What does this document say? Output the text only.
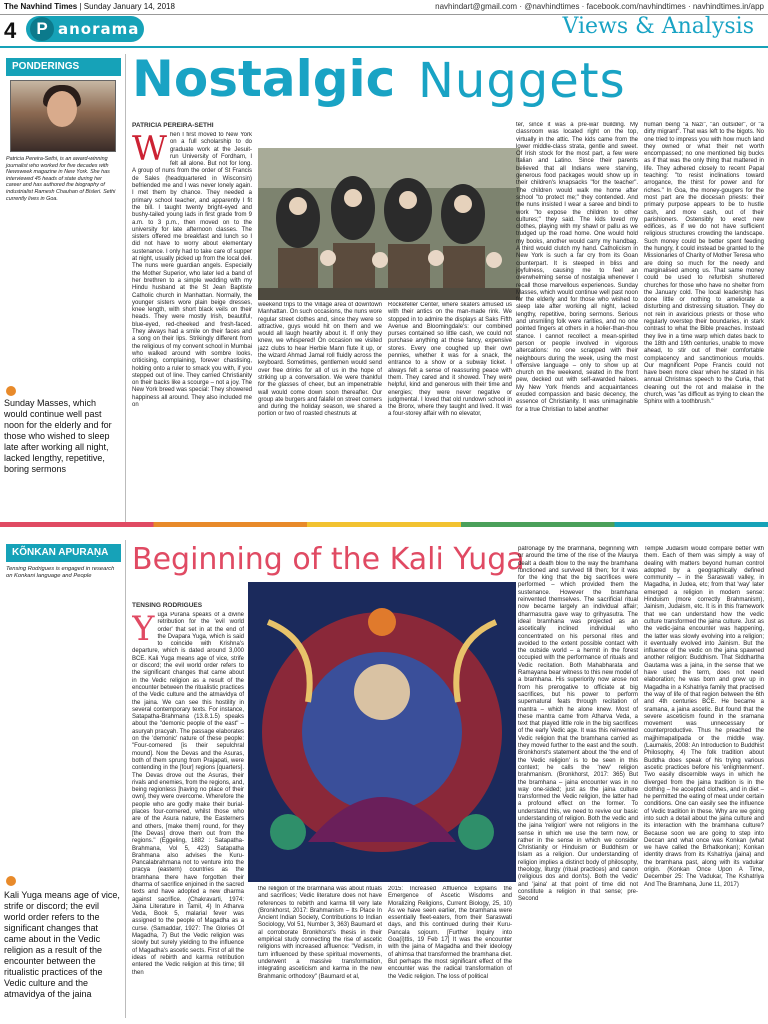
The Navhind Times | Sunday January 14, 2018	navhindart@gmail.com · @navhindtimes · facebook.com/navhindtimes · navhindtimes.in/app
4	P anorama	Views & Analysis
PONDERINGS
Patricia Pereira-Sethi, is an award-winning journalist who worked for five decades with Newsweek magazine in New York. She has interviewed 45 heads of state during her career and has authored the biography of industrialist Ramesh Chauhan of Bisleri. Sethi currently lives in Goa.
Sunday Masses, which would continue well past noon for the elderly and for those who wished to sleep late after working all night, lacked lengthy, repetitive, boring sermons
Nostalgic Nuggets
PATRICIA PEREIRA-SETHI
When I first moved to New York on a full scholarship to do graduate work at the Jesuit-run University of Fordham, I felt all alone. But not for long. A group of nuns from the order of St Francis de Sales (headquartered in Wisconsin) befriended me and I was never lonely again. I met them by chance. They needed a primary school teacher, and apparently I fit the bill. I taught twenty bright-eyed and bushy-tailed young lads in first grade from 9 a.m. to 3 p.m., then moved on to the university for late afternoon classes. The sisters offered me breakfast and lunch so I did not have to worry about elementary sustenance. I only had to take care of supper at night, usually picked up from the local deli. The nuns were guardian angels. Especially the Mother Superior, who later led a band of her brethren to a simple wedding with my Hindu husband at the St Jean Baptiste Catholic church in Manhattan. Normally, the younger sisters wore plain beige dresses, knee length, with short black veils on their heads. They were mostly Irish, beautiful, blue-eyed, red-cheeked and fresh-faced. They always had a smile on their faces and a song on their lips. Strikingly different from the religious of my convent school in Mumbai who walked around with sombre looks, criticising, complaining, forever chastising, holding onto a ruler to smack you with, if you stepped out of line. They carried Christianity on their backs like a scourge – not a joy. The New York breed was special: They showered happiness all around. They also included me on
weekend trips to the Village area of downtown Manhattan. On such occasions, the nuns wore regular street clothes and, since they were so attractive, guys would hit on them and we would all laugh heartily about it. If only they knew, we whispered! On occasion we visited jazz clubs to hear Herbie Mann flute it up, or the wizard Ahmad Jamal roll fluidly across the keyboard. Sometimes, gentlemen would send over free drinks for all of us in the hope of striking up a conversation. We were thankful for the glasses of cheer, but an impenetrable wall would come down soon thereafter. Our group ate burgers and falafel on street corners and during the holiday season, we shared a portion or two of roasted chestnuts at
Rockefeller Center, where skaters amused us with their antics on the man-made rink. We stopped in to admire the displays at Saks Fifth Avenue and Bloomingdale's: our combined purses contained so little cash, we could not purchase anything at those fancy, expensive stores. Every one coughed up their own pennies, whether it was for a snack, the entrance to a show or a subway ticket. I always felt a sense of reassuring peace with them. They cared and it showed. They were helpful, kind and generous with their time and energies; they were never negative or judgmental. I loved that old rundown school in the Bronx, where they taught and lived. It was a four-storey affair with no elevator,
ter, since it was a pre-war building. My classroom was located right on the top, virtually in the attic. The kids came from the lower middle-class strata, gentle and sweet. Of Irish stock for the most part, a few were Italian and Latino. Since their parents believed that all Indians were starving, generous food packages would show up in their children's knapsacks "for the teacher". The children would walk me home after school "to protect me;" they contended. And the nuns insisted I wear a saree and bindi to work "to expose the children to other cultures;" they said. The kids loved my clothes, playing with my shawl or pallu as we trudged up the road home. One would hold my books, another would carry my handbag. A third would clutch my hand. Catholicism in New York is such a far cry from its Goan counterpart. It is steeped in bliss and joyfulness, causing me to feel an overwhelming sense of nostalgia whenever I recall those marvellous experiences. Sunday Masses, which would continue well past noon for the elderly and for those who wished to sleep late after working all night, lacked lengthy, repetitive, boring sermons. Serious and unsmiling folk were rarities, and no one pointed fingers at others in a holier-than-thou stance. I cannot recollect a mean-spirited person or people involved in vigorous altercations: no one scrapped with their neighbours during the week, using the most offensive language – only to show up at church on the weekend, seated in the front pew, decked out with self-awarded haloes. My New York friends and acquaintances exuded compassion and basic decency, the essence of Christianity. It was unimaginable for a true Christian to label another
human being "a Nazi", "an outsider", or "a dirty migrant". That was left to the bigots. No one tried to impress you with how much land they owned or what their net worth encompassed; no one mentioned big bucks as if that was the only thing that mattered in life. They adhered closely to recent Papal teaching: "to resist inclinations toward arrogance, the thirst for power and for riches." In Goa, the money-gougers for the most part are the diocesan priests: their primary purpose appears to be to hustle cash, and more cash, out of their parishioners. Ostensibly to erect new edifices, as if we do not have sufficient religious structures crowding the landscape. Such money could be better spent feeding the hungry, it could instead be granted to the Missionaries of Charity of Mother Teresa who are doing so much for the needy and marginalised among us. That same money could be used to refurbish shuttered churches for those who have no shelter from the January cold. The local leadership has done little or nothing to ameliorate a disturbing and distressing situation. They do not rein in avaricious priests or those who regularly overstep their boundaries, in stark contrast to what the Bible preaches. Instead they live in a time warp which dates back to the 18th and 19th centuries, unable to move ahead, to stir out of their comfortable complacency and sanctimonious moulds. Our magnificent Pope Francis could not have been more clear when he stated in his annual Christmas speech to the Curia, that cleaning out the rot and malaise in the church, was "as difficult as trying to clean the Sphinx with a toothbrush."
KÕNKAN APURAṆA
Tensing Rodrigues is engaged in research on Konkani language and People
Kali Yuga means age of vice, strife or discord; the evil world order refers to the significant changes that came about in the Vedic religion as a result of the encounter between the ritualistic practices of the Vedic culture and the atmavidya of the jaina
Beginning of the Kali Yuga
TENSING RODRIGUES
Yuga Purana speaks of a divine retribution for the 'evil world order' that set in at the end of the Dvapara Yuga, which is said to coincide with Krishna's departure, which is dated around 3,000 BCE. Kali Yuga means age of vice, strife or discord; the evil world order refers to the significant changes that came about in the Vedic religion as a result of the encounter between the ritualistic practices of the Vedic culture and the atmavidya of the jaina. We can see this hostility in several contemporary texts. For instance, Satapatha-Brahmana (13.8.1.5) speaks about the "demonic people of the east" – asuryah pracyah. The passage elaborates on the 'demonic' nature of these people: "Four-cornered [is their sepulchral mound]. Now the Devas and the Asuras, both of them sprung from Prajapati, were contending in the [four] regions [quarters]. The Devas drove out the Asuras, their rivals and enemies, from the regions, and, being regionless [having no place of their own], they were overcome. Wherefore the people who are godly make their burial-places four-cornered, whilst those who are of the Asura nature, the Easterners and others, [make them] round, for they [the Devas] drove them out from the regions." (Eggeling, 1882 : Satapatha-Brahmana, Vol 5, 423) Satapatha Brahmana also advises the Kuru-Pancalabrahmana not to venture into the pracya (eastern) countries as the bramhana there have forgotten their dharma of sacrifice enjoined in the sacred texts and have adopted a new dharma against sacrifice. (Chakravarti, 1974: Jaina Literature in Tamil, 4) In Atharva Veda, Book 5, malarial fever was assigned to the people of Magadha as a curse. (Samaddar, 1927: The Glories Of Magadha, 7) But the Vedic religion was slowly but surely yielding to the influence of Magadha's ascetic sects. First of all the ideas of rebirth and karma retribution entered the Vedic religion at this time; till then
the religion of the bramhana was about rituals and sacrifices; Vedic literature does not have references to rebirth and karma till very late (Bronkhorst, 2017: Brahmanism – Its Place In Ancient Indian Society, Contributions to Indian Sociology, Vol 51, Number 3, 363) Baumard et al corroborate Bronkhorst's thesis in their empirical study connecting the rise of ascetic religions with increased affluence: "Vedism, in turn influenced by these spiritual movements, underwent a massive transformation, integrating asceticism and karma in the new Brahmanic orthodoxy" (Baumard et al,
2015: Increased Affluence Explains the Emergence of Ascetic Wisdoms and Moralizing Religions, Current Biology, 25, 10) As we have seen earlier, the bramhana were essentially fleet-eaters, from their Saraswati days, and this continued during their Kuru-Pancala sojourn. [Further Inquiry into Goa(i)ttis, 19 Feb 17] It was the encounter with the jaina of Magadha and their ideology of ahimsa that transformed the bramhana diet. But perhaps the most significant effect of the encounter was the radical transformation of the Vedic religion. The loss of political
patronage by the bramhana, beginning with or around the time of the rise of the Maurya dealt a death blow to the way the bramhana functioned and survived till then; for it was for the king that the big sacrifices were performed – which provided them the sustenance. However the bramhana reinvented themselves. The sacrificial ritual now became largely an individual affair; dharmasutra gave way to grihyasutra. The ideal bramhana was projected as an ascetically inclined individual who concentrated on his personal rites and avoided to the extent possible contact with the outside world – a hermit in the forest occupied with the performance of rituals and Vedic recitation. Both Mahabharata and Ramayana bear witness to this new model of a bramhana. His superiority now arose not from his prerogative to officiate at big sacrifices, but his power to perform supernatural feats through recitation of mantra – which he alone knew. Most of these mantra came from Atharva Veda, a text that played little role in the big sacrifices of the early Vedic age. It was this reinvented Vedic religion that the bramhana carried as they moved further to the east and the south. Bronkhorst's statement about the 'the end of the Vedic religion' is to be seen in this context; he calls the 'new' religion brahmanism. (Bronkhorst, 2017: 365) But the bramhana – jaina encounter was in no way one-sided; just as the jaina culture transformed the Vedic religion, the latter had a profound effect on the former. To understand this, we need to revive our basic understanding of religion. Both the vedic and the jaina 'religion' were not religions in the sense in which we use the term now, or rather in the sense in which we consider Christianity or Hinduism or Buddhism or Islam as a religion. Our understanding of religion implies a distinct body of philosophy, theology, liturgy (ritual practices) and canon (religious dos and don'ts). Both the 'vedic' and 'jaina' at that point of time did not constitute a religion in that sense; pre-Second
Temple Judaism would compare better with them. Each of them was simply a way of dealing with matters beyond human control adopted by a geographically defined community – in the Saraswati valley, in Magadha, in Judea, etc; from that 'way' later emerged a religion in modern sense: Hinduism (more correctly Brahmanism), Jainism, Judaism, etc. It is in this framework that we can understand how the vedic culture transformed the jaina culture. Just as the vedic-jaina encounter was happening, the latter was slowly evolving into a religion; it eventually evolved into Jainism. But the influence of the vedic on the jaina spawned another religion: Buddhism. That Siddhartha Gautama was a jaina, in the sense that we have used the term, does not need elaboration; he was born and grew up in Magadha in a Kshatriya family that practised the way of life of that region between the 6th and 4th centuries BCE. He became a sramana, a jaina ascetic. But found that the severe asceticism found in the sramana movement was unnecessary or counterproductive. Thus he preached the majjhimapatipada or the middle way. (Laumakis, 2008: An Introduction to Buddhist Philosophy, 4) The folk tradition about Buddha does speak of his trying various ascetic practices before his 'enlightenment'. Two easily discernible ways in which he diverged from the jaina tradition is in the clothing – he accepted clothes, and in diet – he permitted the eating of meat under certain conditions. One can easily see the influence of Vedic tradition in these. Why are we going into such a detail about the jaina culture and its interaction with the bramhana culture? Because soon we are going to step into Deccan and what once was Konkan (what we have called the Brhatkonkan); Konkan identity draws from its Kshatriya (jaina) and the bramhana past, along with its vadukar origin. (Konkan Once Upon A Time, December 25: The Vadukar, The Kshatriya And The Bramhana, June 11, 2017)
